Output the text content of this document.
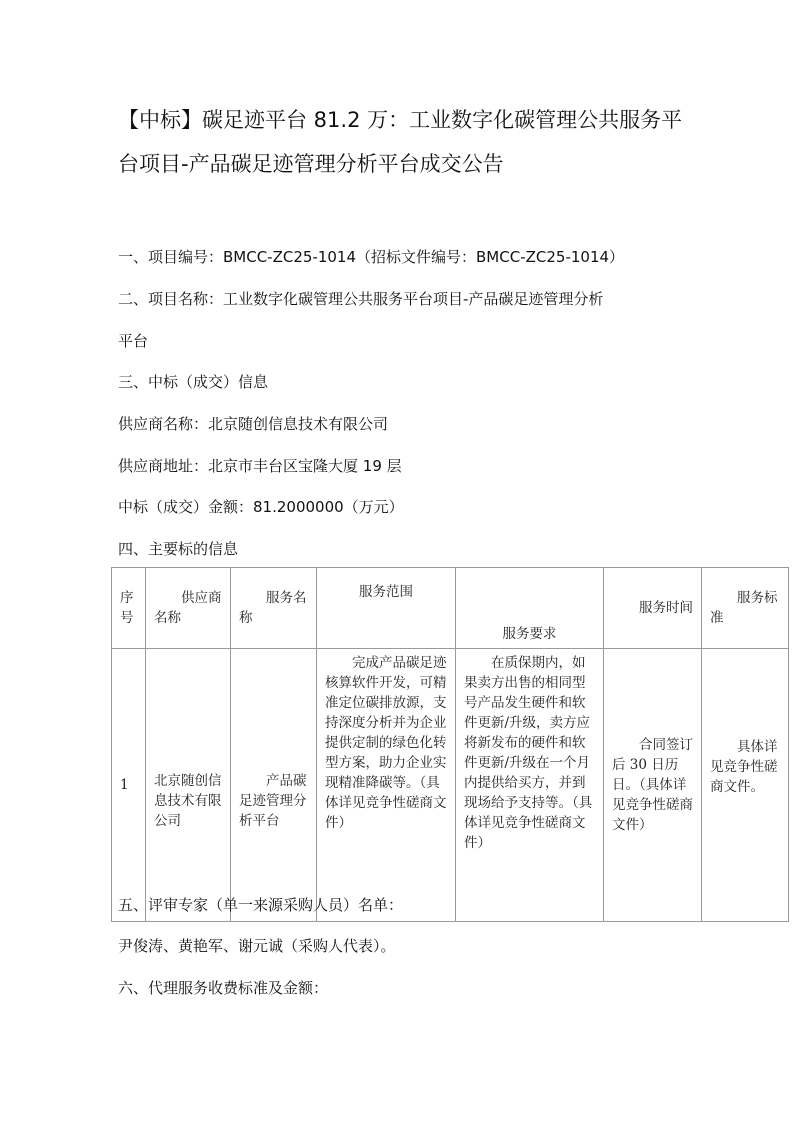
【中标】碳足迹平台 81.2 万：工业数字化碳管理公共服务平台项目-产品碳足迹管理分析平台成交公告
一、项目编号：BMCC-ZC25-1014（招标文件编号：BMCC-ZC25-1014）
二、项目名称：工业数字化碳管理公共服务平台项目-产品碳足迹管理分析
平台
三、中标（成交）信息
供应商名称：北京随创信息技术有限公司
供应商地址：北京市丰台区宝隆大厦 19 层
中标（成交）金额：81.2000000（万元）
四、主要标的信息
序号	供应商名称	服务名称	服务范围	服务要求	服务时间	服务标准
1	北京随创信息技术有限公司	产品碳足迹管理分析平台	完成产品碳足迹核算软件开发，可精准定位碳排放源，支持深度分析并为企业提供定制的绿色化转型方案，助力企业实现精准降碳等。（具体详见竞争性磋商文件）	在质保期内，如果卖方出售的相同型号产品发生硬件和软件更新/升级，卖方应将新发布的硬件和软件更新/升级在一个月内提供给买方，并到现场给予支持等。（具体详见竞争性磋商文件）	合同签订后 30 日历日。（具体详见竞争性磋商文件）	具体详见竞争性磋商文件。
五、评审专家（单一来源采购人员）名单：
尹俊涛、黄艳军、谢元诚（采购人代表）。
六、代理服务收费标准及金额：
